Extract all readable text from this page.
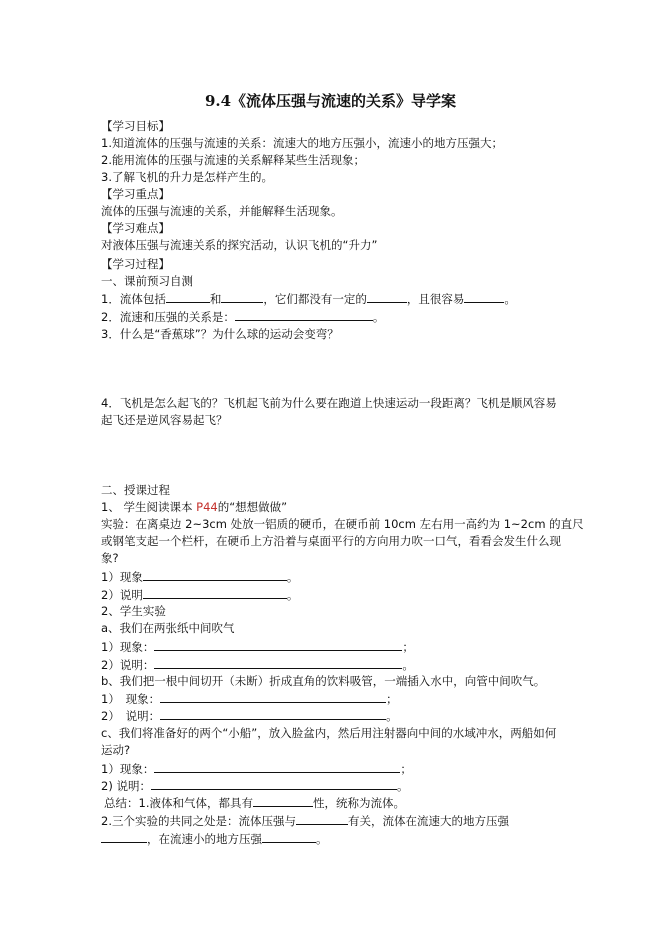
9.4《流体压强与流速的关系》导学案
【学习目标】
1.知道流体的压强与流速的关系：流速大的地方压强小，流速小的地方压强大；
2.能用流体的压强与流速的关系解释某些生活现象；
3.了解飞机的升力是怎样产生的。
【学习重点】
流体的压强与流速的关系，并能解释生活现象。
【学习难点】
对液体压强与流速关系的探究活动，认识飞机的“升力”
【学习过程】
一、课前预习自测
1．流体包括	和	，它们都没有一定的	，且很容易	。
2．流速和压强的关系是：	。
3．什么是“香蕉球”？为什么球的运动会变弯？
4．飞机是怎么起飞的？飞机起飞前为什么要在跑道上快速运动一段距离？飞机是顺风容易
起飞还是逆风容易起飞？
二、授课过程
1、 学生阅读课本 P44的“想想做做”
实验：在离桌边 2~3cm 处放一铝质的硬币，在硬币前 10cm 左右用一高约为 1~2cm 的直尺
或钢笔支起一个栏杆，在硬币上方沿着与桌面平行的方向用力吹一口气，看看会发生什么现
象?
1）现象	。
2）说明	。
2、学生实验
a、我们在两张纸中间吹气
1）现象：	；
2）说明：	。
b、我们把一根中间切开（未断）折成直角的饮料吸管，一端插入水中，向管中间吹气。
1）　现象：	；
2）　说明：	。
c、我们将准备好的两个“小船”，放入脸盆内，然后用注射器向中间的水域冲水，两船如何
运动?
1）现象：	；
2) 说明：	。
总结：1.液体和气体，都具有	性，统称为流体。
2.三个实验的共同之处是：流体压强与	有关，流体在流速大的地方压强
，在流速小的地方压强	。
